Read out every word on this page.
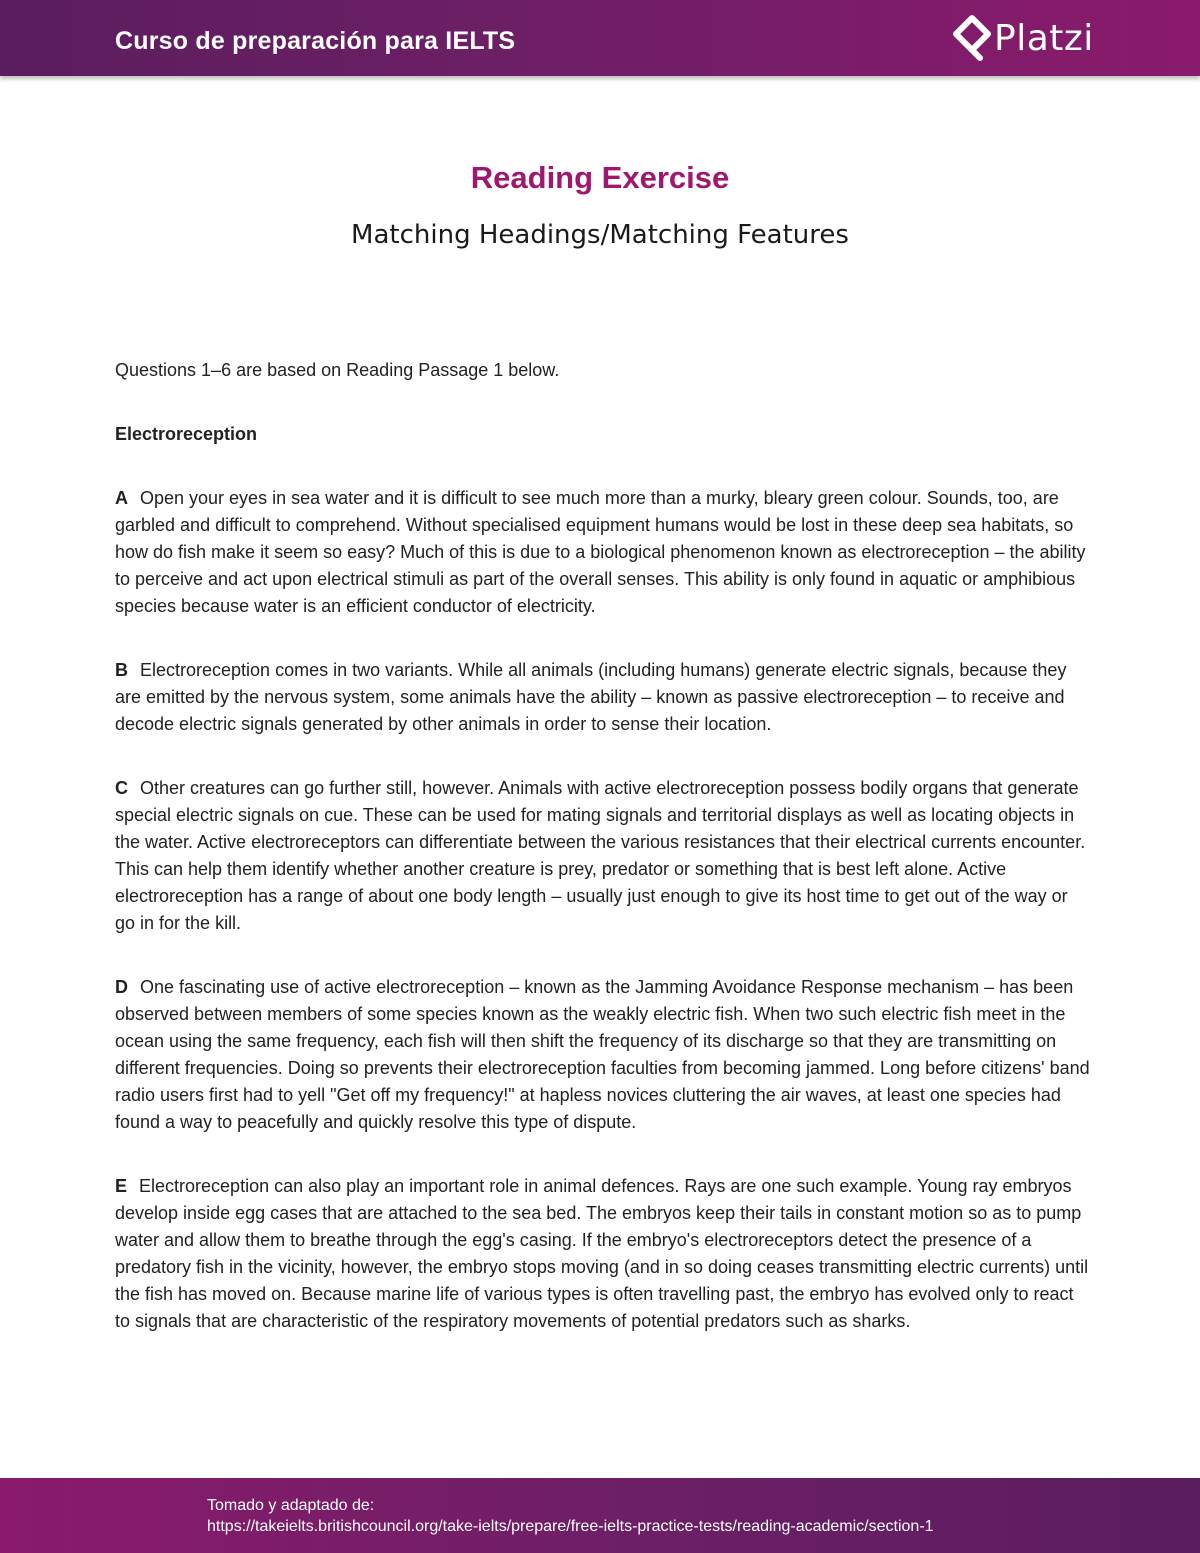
Curso de preparación para IELTS	Platzi
Reading Exercise
Matching Headings/Matching Features

Questions 1–6 are based on Reading Passage 1 below.

Electroreception

A Open your eyes in sea water and it is difficult to see much more than a murky, bleary green colour. Sounds, too, are garbled and difficult to comprehend. Without specialised equipment humans would be lost in these deep sea habitats, so how do fish make it seem so easy? Much of this is due to a biological phenomenon known as electroreception – the ability to perceive and act upon electrical stimuli as part of the overall senses. This ability is only found in aquatic or amphibious species because water is an efficient conductor of electricity.

B Electroreception comes in two variants. While all animals (including humans) generate electric signals, because they are emitted by the nervous system, some animals have the ability – known as passive electroreception – to receive and decode electric signals generated by other animals in order to sense their location.

C Other creatures can go further still, however. Animals with active electroreception possess bodily organs that generate special electric signals on cue. These can be used for mating signals and territorial displays as well as locating objects in the water. Active electroreceptors can differentiate between the various resistances that their electrical currents encounter. This can help them identify whether another creature is prey, predator or something that is best left alone. Active electroreception has a range of about one body length – usually just enough to give its host time to get out of the way or go in for the kill.

D One fascinating use of active electroreception – known as the Jamming Avoidance Response mechanism – has been observed between members of some species known as the weakly electric fish. When two such electric fish meet in the ocean using the same frequency, each fish will then shift the frequency of its discharge so that they are transmitting on different frequencies. Doing so prevents their electroreception faculties from becoming jammed. Long before citizens' band radio users first had to yell "Get off my frequency!" at hapless novices cluttering the air waves, at least one species had found a way to peacefully and quickly resolve this type of dispute.

E Electroreception can also play an important role in animal defences. Rays are one such example. Young ray embryos develop inside egg cases that are attached to the sea bed. The embryos keep their tails in constant motion so as to pump water and allow them to breathe through the egg's casing. If the embryo's electroreceptors detect the presence of a predatory fish in the vicinity, however, the embryo stops moving (and in so doing ceases transmitting electric currents) until the fish has moved on. Because marine life of various types is often travelling past, the embryo has evolved only to react to signals that are characteristic of the respiratory movements of potential predators such as sharks.

Tomado y adaptado de:
https://takeielts.britishcouncil.org/take-ielts/prepare/free-ielts-practice-tests/reading-academic/section-1
